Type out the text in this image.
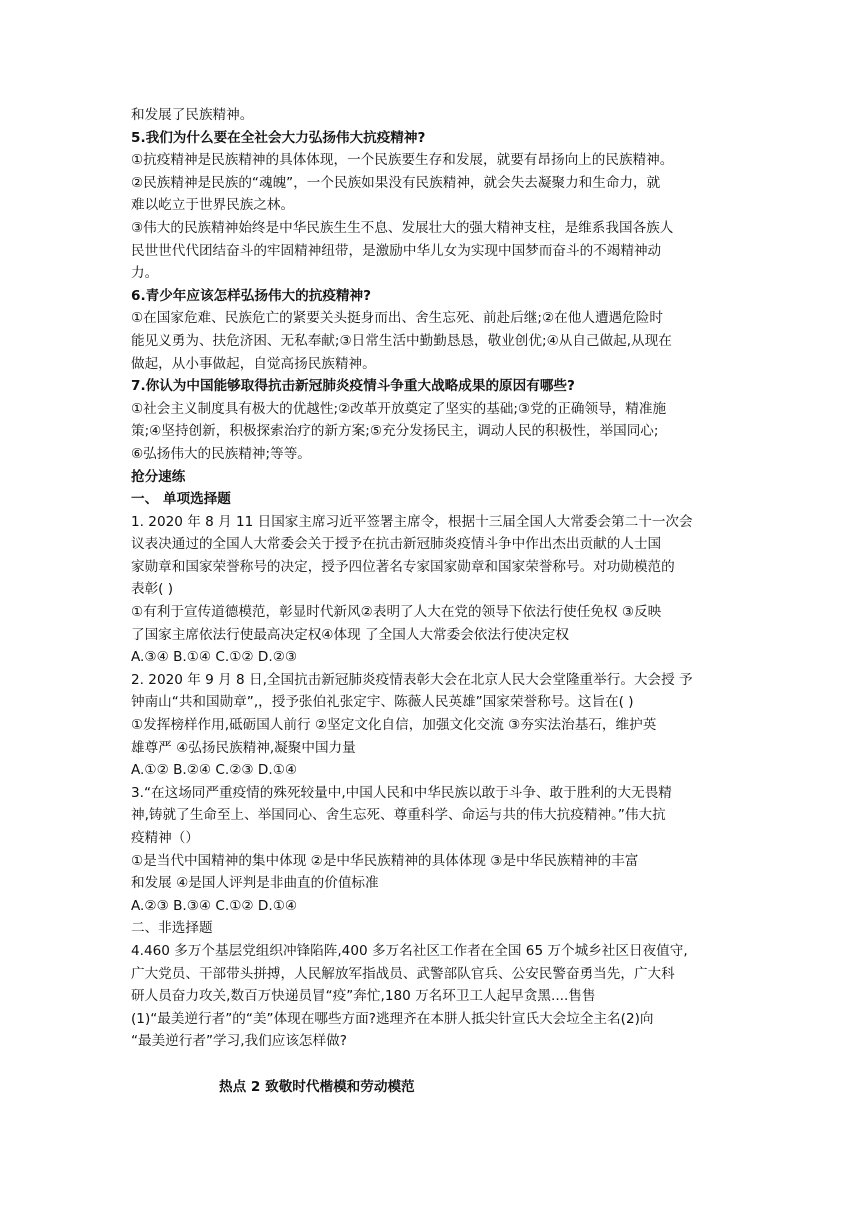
和发展了民族精神。

5.我们为什么要在全社会大力弘扬伟大抗疫精神?

①抗疫精神是民族精神的具体体现，一个民族要生存和发展，就要有昂扬向上的民族精神。

②民族精神是民族的“魂魄”，一个民族如果没有民族精神，就会失去凝聚力和生命力，就

难以屹立于世界民族之林。

③伟大的民族精神始终是中华民族生生不息、发展壮大的强大精神支柱，是维系我国各族人

民世世代代团结奋斗的牢固精神纽带，是激励中华儿女为实现中国梦而奋斗的不竭精神动

力。

6.青少年应该怎样弘扬伟大的抗疫精神?

①在国家危难、民族危亡的紧要关头挺身而出、舍生忘死、前赴后继;②在他人遭遇危险时

能见义勇为、扶危济困、无私奉献;③日常生活中勤勤恳恳，敬业创优;④从自己做起,从现在

做起，从小事做起，自觉高扬民族精神。

7.你认为中国能够取得抗击新冠肺炎疫情斗争重大战略成果的原因有哪些?

①社会主义制度具有极大的优越性;②改革开放奠定了坚实的基础;③党的正确领导，精准施

策;④坚持创新，积极探索治疗的新方案;⑤充分发扬民主，调动人民的积极性，举国同心;

⑥弘扬伟大的民族精神;等等。

抢分速练

一、 单项选择题

1. 2020 年 8 月 11 日国家主席习近平签署主席令，根据十三届全国人大常委会第二十一次会

议表决通过的全国人大常委会关于授予在抗击新冠肺炎疫情斗争中作出杰出贡献的人士国

家勋章和国家荣誉称号的决定，授予四位著名专家国家勋章和国家荣誉称号。对功勋模范的

表彰( )

①有利于宣传道德模范，彰显时代新风②表明了人大在党的领导下依法行使任免权 ③反映

了国家主席依法行使最高决定权④体现 了全国人大常委会依法行使决定权

A.③④ B.①④ C.①② D.②③

2. 2020 年 9 月 8 日,全国抗击新冠肺炎疫情表彰大会在北京人民大会堂隆重举行。大会授 予

钟南山“共和国勋章”,，授予张伯礼张定宇、陈薇人民英雄”国家荣誉称号。这旨在( )

①发挥榜样作用,砥砺国人前行 ②坚定文化自信，加强文化交流 ③夯实法治基石，维护英

雄尊严 ④弘扬民族精神,凝聚中国力量

A.①② B.②④ C.②③ D.①④

3.“在这场同严重疫情的殊死较量中,中国人民和中华民族以敢于斗争、敢于胜利的大无畏精

神,铸就了生命至上、举国同心、舍生忘死、尊重科学、命运与共的伟大抗疫精神。”伟大抗

疫精神（）

①是当代中国精神的集中体现 ②是中华民族精神的具体体现 ③是中华民族精神的丰富

和发展 ④是国人评判是非曲直的价值标准

A.②③ B.③④ C.①② D.①④

二、非选择题

4.460 多万个基层党组织冲锋陷阵,400 多万名社区工作者在全国 65 万个城乡社区日夜值守,

广大党员、干部带头拼搏，人民解放军指战员、武警部队官兵、公安民警奋勇当先，广大科

研人员奋力攻关,数百万快递员冒“疫”奔忙,180 万名环卫工人起早贪黑....售售

(1)“最美逆行者”的“美”体现在哪些方面?逃理齐在本胼人抵尖针宣氏大会垃全主名(2)向

“最美逆行者”学习,我们应该怎样做?

热点 2 致敬时代楷模和劳动模范
